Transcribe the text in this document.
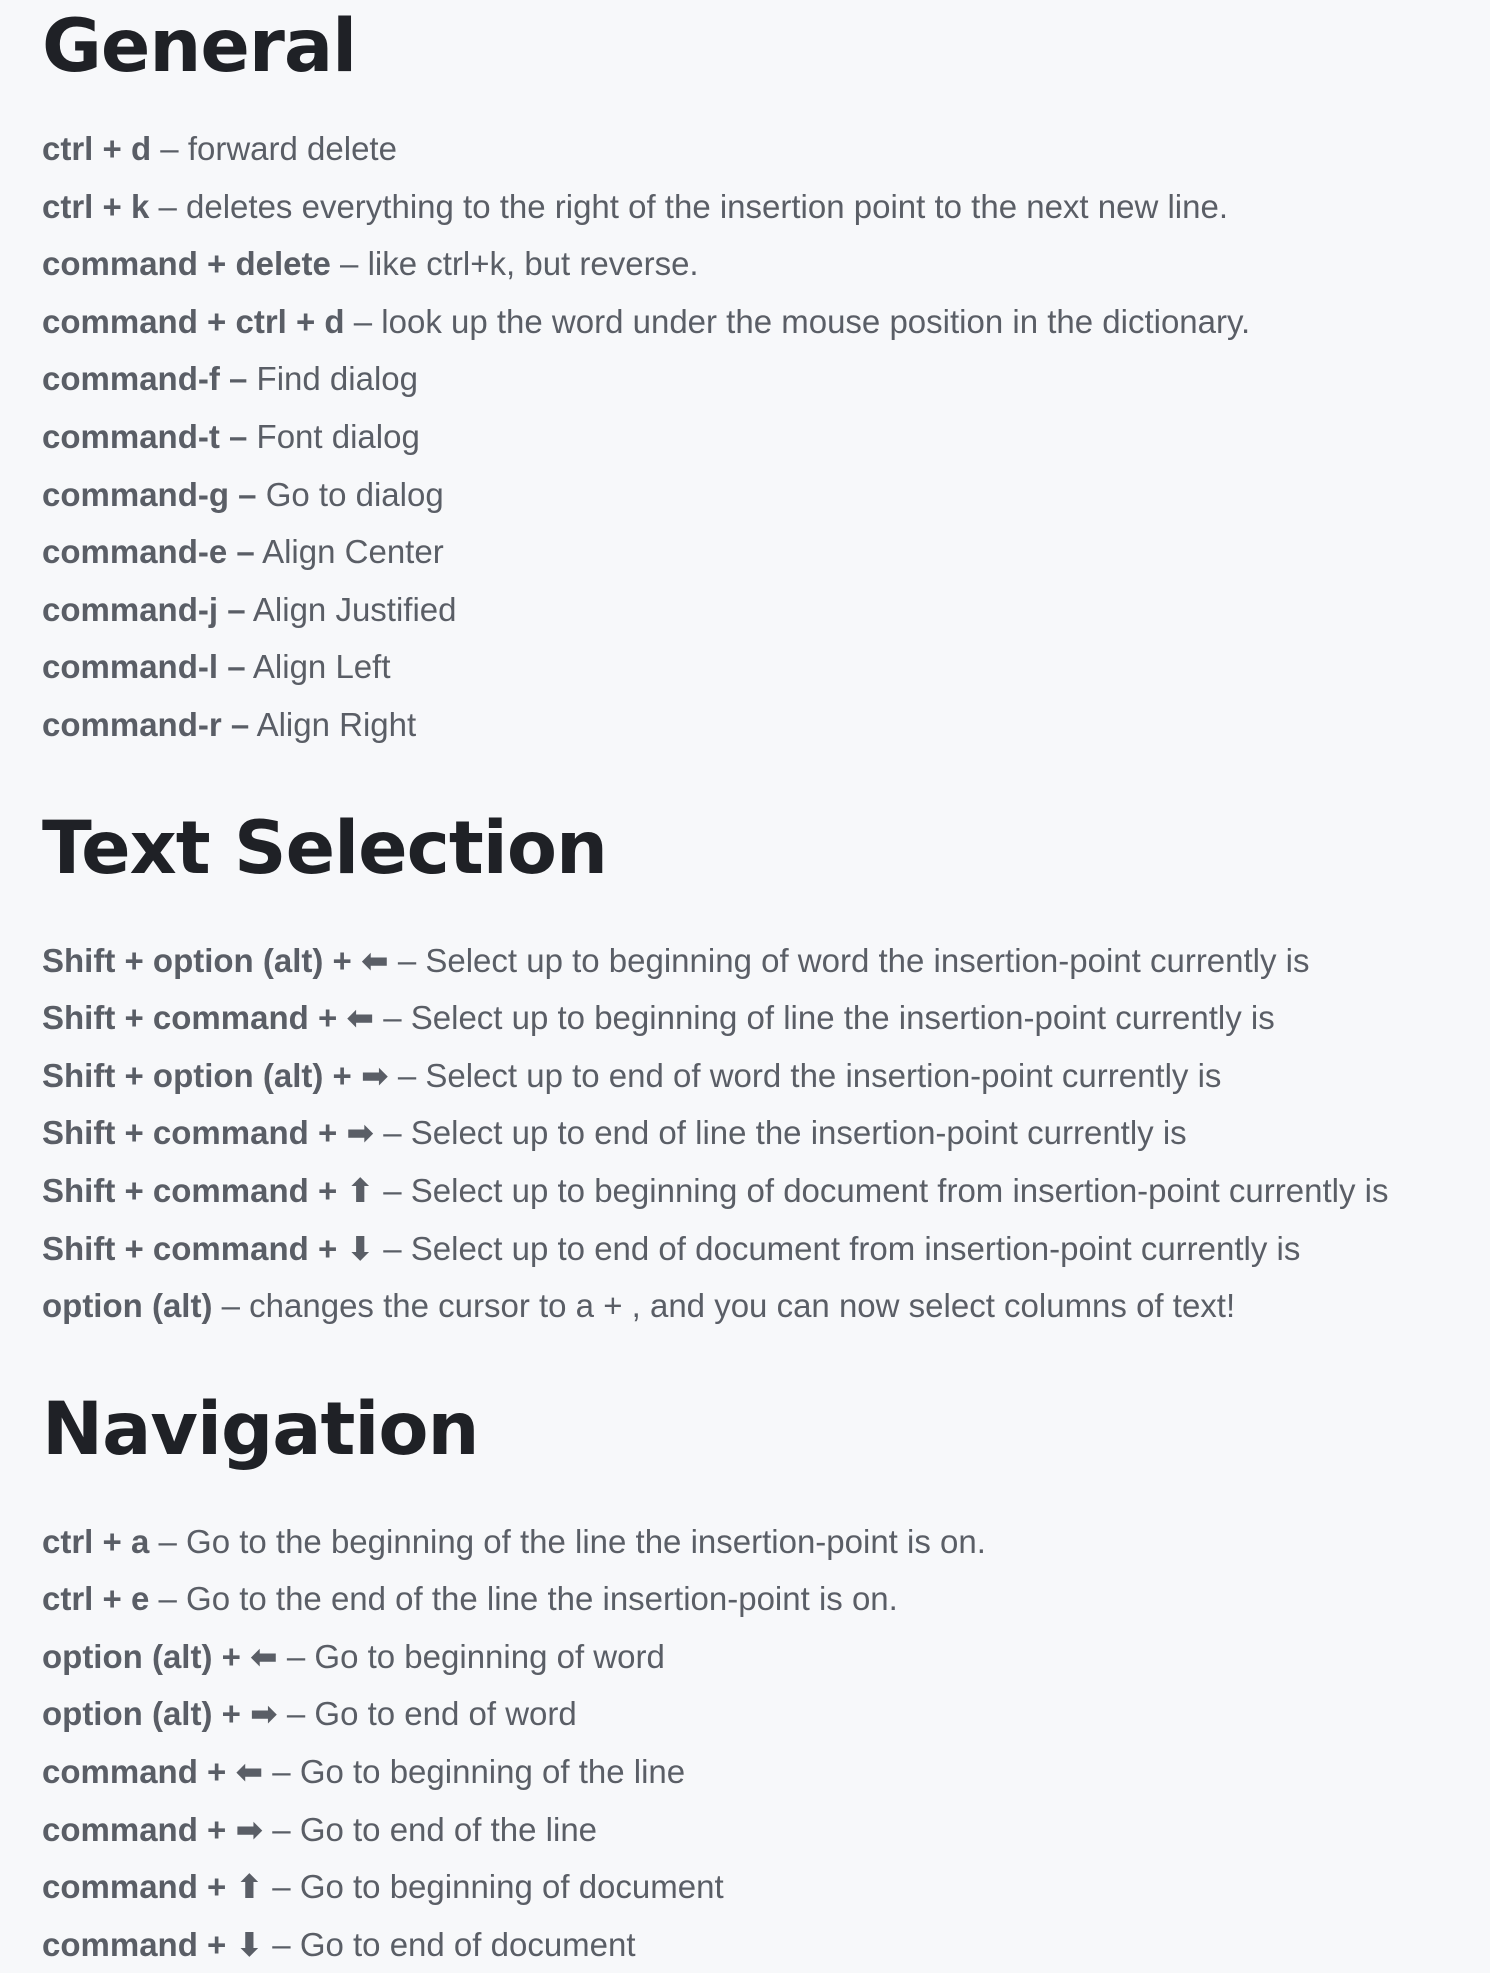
General
ctrl + d – forward delete
ctrl + k – deletes everything to the right of the insertion point to the next new line.
command + delete – like ctrl+k, but reverse.
command + ctrl + d – look up the word under the mouse position in the dictionary.
command-f – Find dialog
command-t – Font dialog
command-g – Go to dialog
command-e – Align Center
command-j – Align Justified
command-l – Align Left
command-r – Align Right
Text Selection
Shift + option (alt) + ⬅ – Select up to beginning of word the insertion-point currently is
Shift + command + ⬅ – Select up to beginning of line the insertion-point currently is
Shift + option (alt) + ➡ – Select up to end of word the insertion-point currently is
Shift + command + ➡ – Select up to end of line the insertion-point currently is
Shift + command + ⬆ – Select up to beginning of document from insertion-point currently is
Shift + command + ⬇ – Select up to end of document from insertion-point currently is
option (alt) – changes the cursor to a + , and you can now select columns of text!
Navigation
ctrl + a – Go to the beginning of the line the insertion-point is on.
ctrl + e – Go to the end of the line the insertion-point is on.
option (alt) + ⬅ – Go to beginning of word
option (alt) + ➡ – Go to end of word
command + ⬅ – Go to beginning of the line
command + ➡ – Go to end of the line
command + ⬆ – Go to beginning of document
command + ⬇ – Go to end of document
